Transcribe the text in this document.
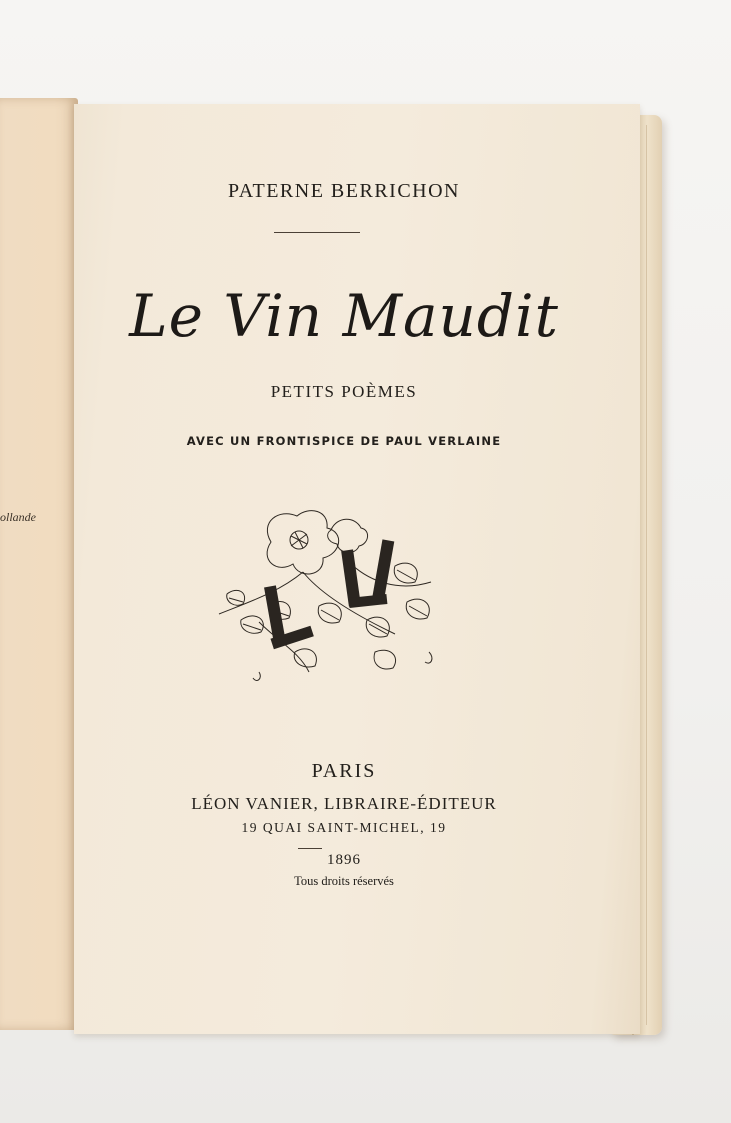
ollande
PATERNE BERRICHON
Le Vin Maudit
PETITS POÈMES
AVEC UN FRONTISPICE DE PAUL VERLAINE
PARIS
LÉON VANIER, LIBRAIRE-ÉDITEUR
19 QUAI SAINT-MICHEL, 19
1896
Tous droits réservés
